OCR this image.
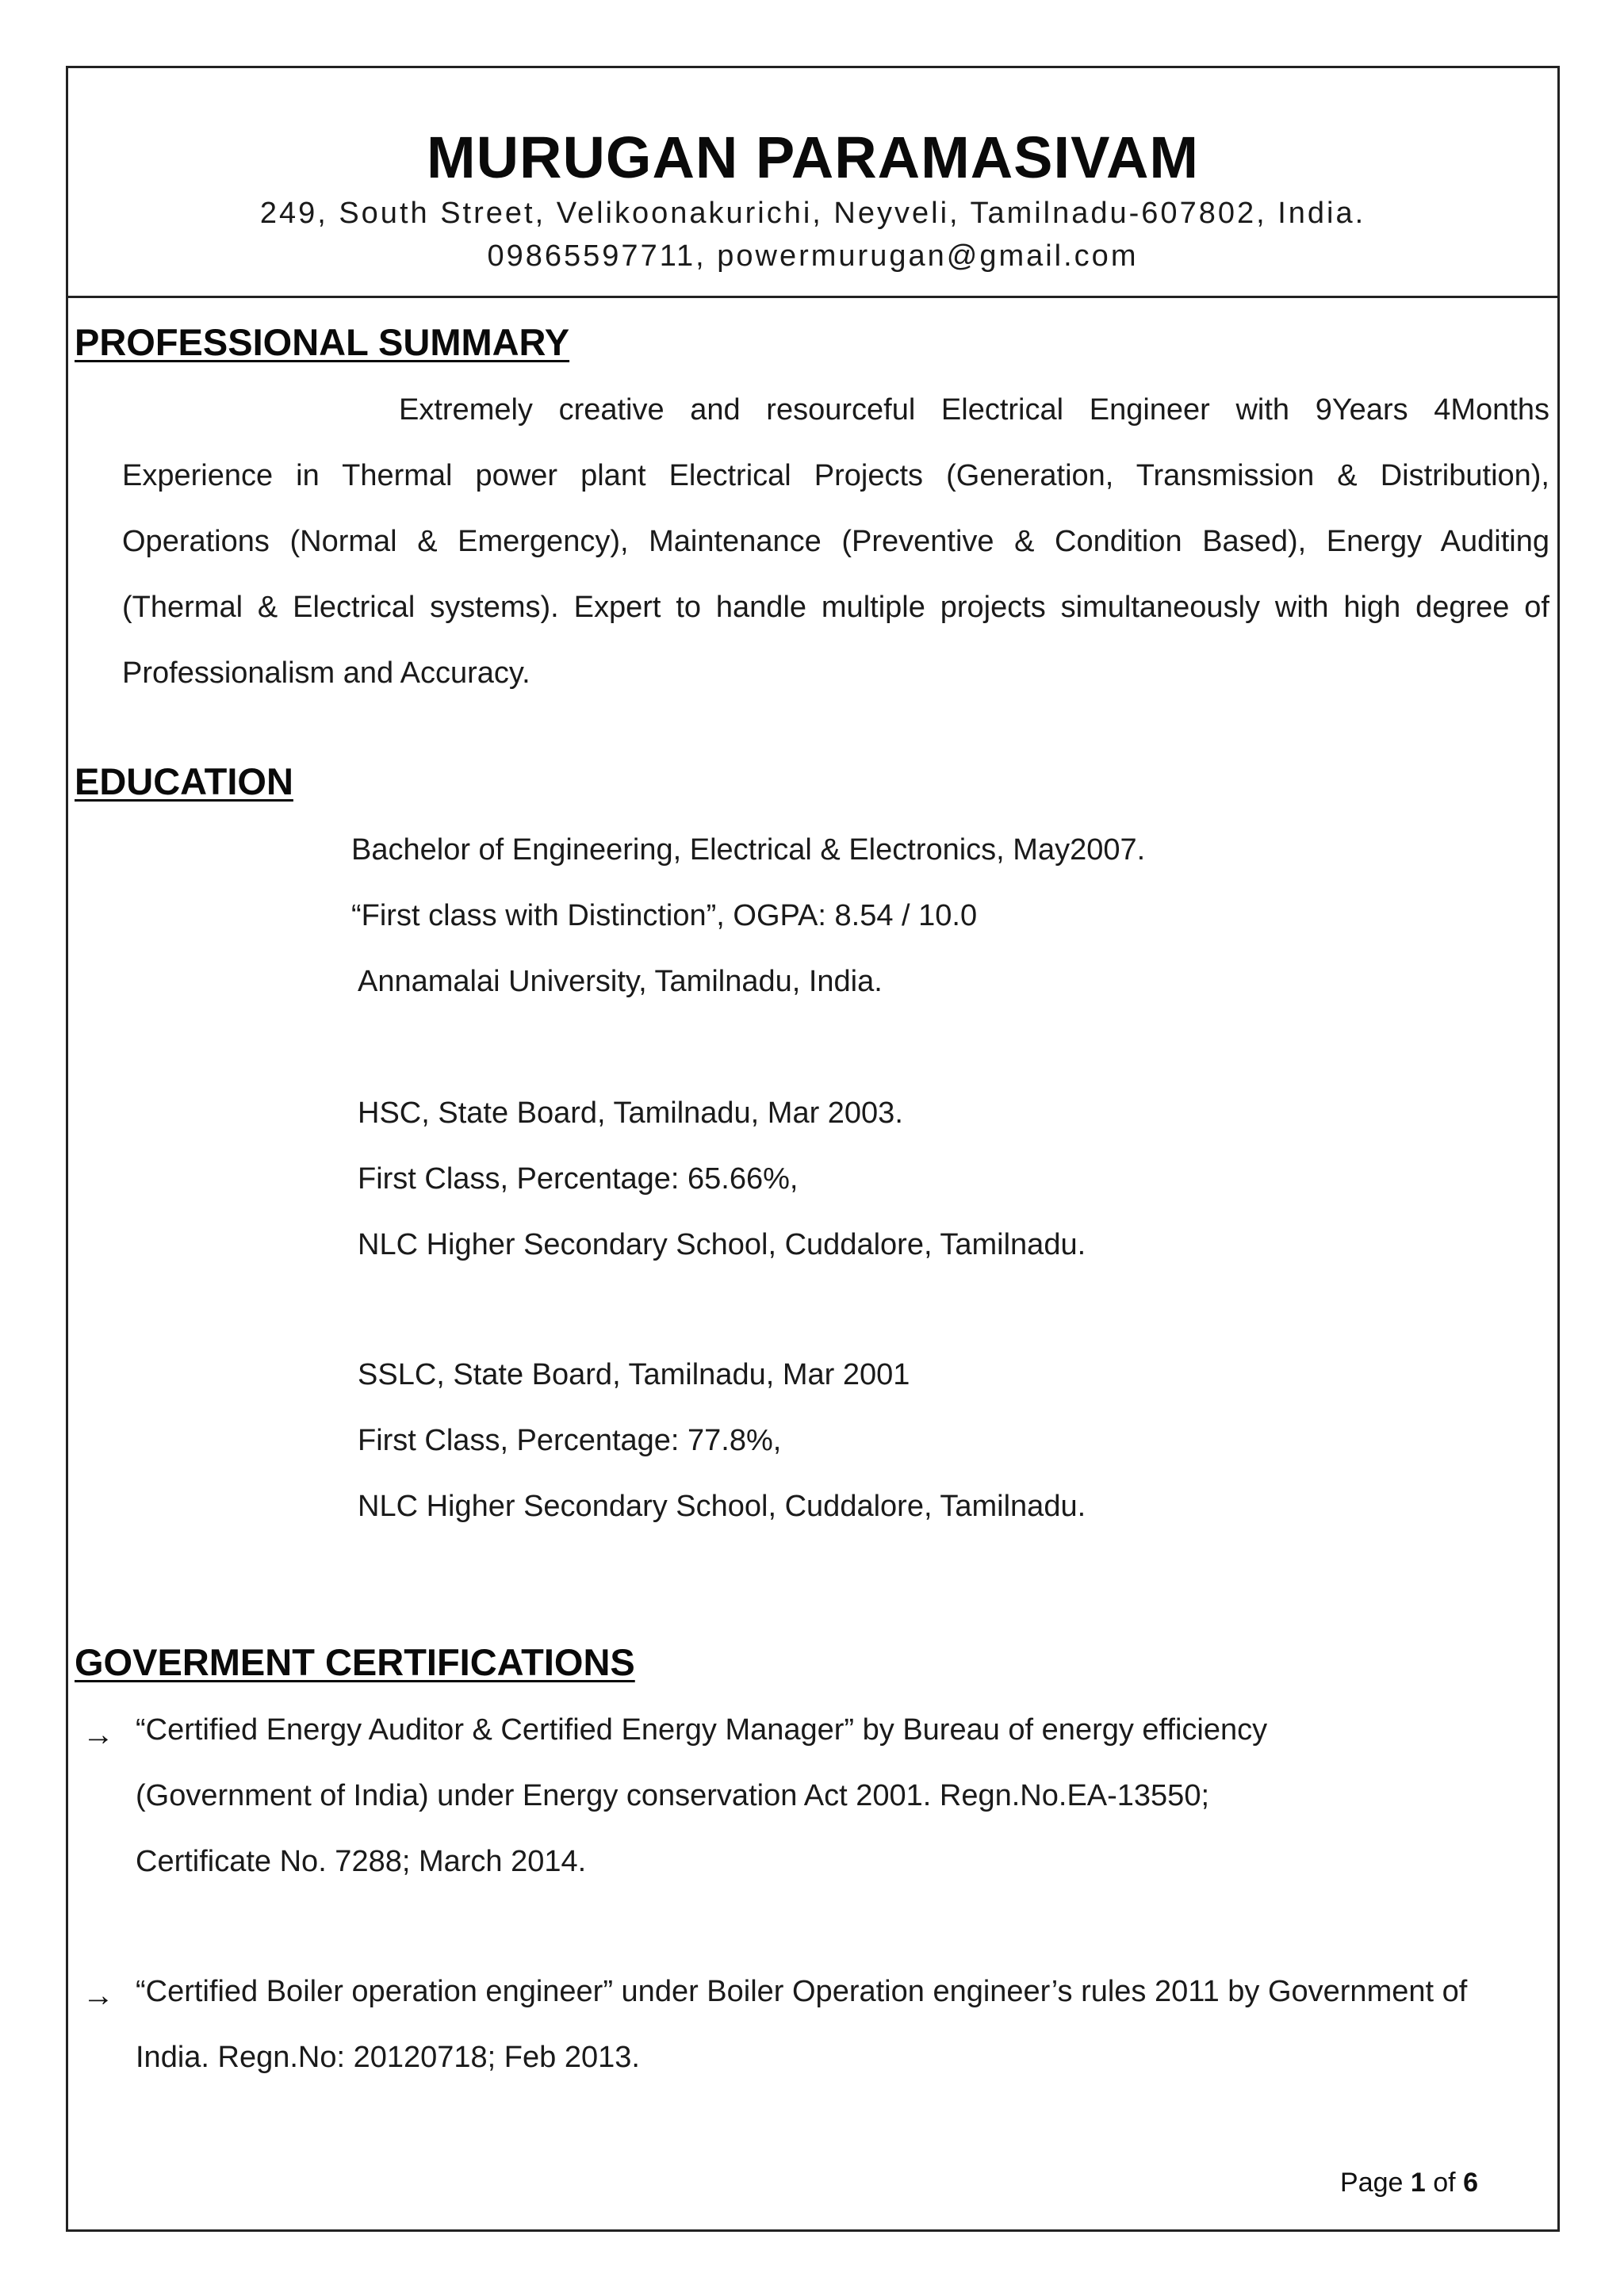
MURUGAN PARAMASIVAM
249, South Street, Velikoonakurichi, Neyveli, Tamilnadu-607802, India.
09865597711, powermurugan@gmail.com
PROFESSIONAL SUMMARY
Extremely creative and resourceful Electrical Engineer with 9Years 4Months
Experience in Thermal power plant Electrical Projects (Generation, Transmission & Distribution),
Operations (Normal & Emergency), Maintenance (Preventive & Condition Based), Energy Auditing
(Thermal & Electrical systems). Expert to handle multiple projects simultaneously with high degree of
Professionalism and Accuracy.
EDUCATION
Bachelor of Engineering, Electrical & Electronics, May2007.
“First class with Distinction”, OGPA: 8.54 / 10.0
Annamalai University, Tamilnadu, India.
HSC, State Board, Tamilnadu, Mar 2003.
First Class, Percentage: 65.66%,
NLC Higher Secondary School, Cuddalore, Tamilnadu.
SSLC, State Board, Tamilnadu, Mar 2001
First Class, Percentage: 77.8%,
NLC Higher Secondary School, Cuddalore, Tamilnadu.
GOVERMENT CERTIFICATIONS
→ “Certified Energy Auditor & Certified Energy Manager” by Bureau of energy efficiency
(Government of India) under Energy conservation Act 2001. Regn.No.EA-13550;
Certificate No. 7288; March 2014.
→ “Certified Boiler operation engineer” under Boiler Operation engineer’s rules 2011 by Government of
India. Regn.No: 20120718; Feb 2013.
Page 1 of 6
